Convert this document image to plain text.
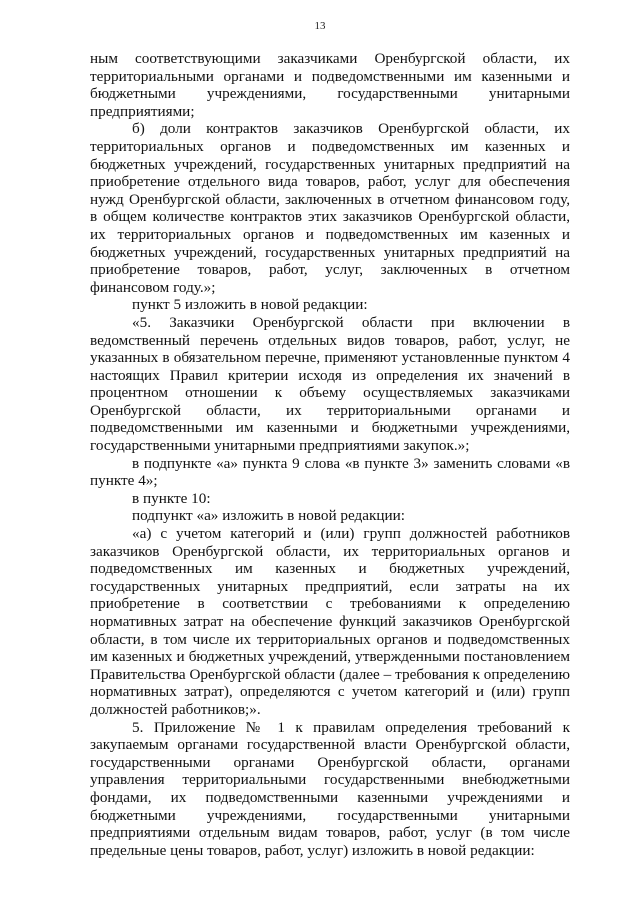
13

ным соответствующими заказчиками Оренбургской области, их территориальными органами и подведомственными им казенными и бюджетными учреждениями, государственными унитарными предприятиями;

б) доли контрактов заказчиков Оренбургской области, их территориальных органов и подведомственных им казенных и бюджетных учреждений, государственных унитарных предприятий на приобретение отдельного вида товаров, работ, услуг для обеспечения нужд Оренбургской области, заключенных в отчетном финансовом году, в общем количестве контрактов этих заказчиков Оренбургской области, их территориальных органов и подведомственных им казенных и бюджетных учреждений, государственных унитарных предприятий на приобретение товаров, работ, услуг, заключенных в отчетном финансовом году.»;

пункт 5 изложить в новой редакции:

«5. Заказчики Оренбургской области при включении в ведомственный перечень отдельных видов товаров, работ, услуг, не указанных в обязательном перечне, применяют установленные пунктом 4 настоящих Правил критерии исходя из определения их значений в процентном отношении к объему осуществляемых заказчиками Оренбургской области, их территориальными органами и подведомственными им казенными и бюджетными учреждениями, государственными унитарными предприятиями закупок.»;

в подпункте «а» пункта 9 слова «в пункте 3» заменить словами «в пункте 4»;

в пункте 10:

подпункт «а» изложить в новой редакции:

«а) с учетом категорий и (или) групп должностей работников заказчиков Оренбургской области, их территориальных органов и подведомственных им казенных и бюджетных учреждений, государственных унитарных предприятий, если затраты на их приобретение в соответствии с требованиями к определению нормативных затрат на обеспечение функций заказчиков Оренбургской области, в том числе их территориальных органов и подведомственных им казенных и бюджетных учреждений, утвержденными постановлением Правительства Оренбургской области (далее – требования к определению нормативных затрат), определяются с учетом категорий и (или) групп должностей работников;».

5. Приложение № 1 к правилам определения требований к закупаемым органами государственной власти Оренбургской области, государственными органами Оренбургской области, органами управления территориальными государственными внебюджетными фондами, их подведомственными казенными учреждениями и бюджетными учреждениями, государственными унитарными предприятиями отдельным видам товаров, работ, услуг (в том числе предельные цены товаров, работ, услуг) изложить в новой редакции:
